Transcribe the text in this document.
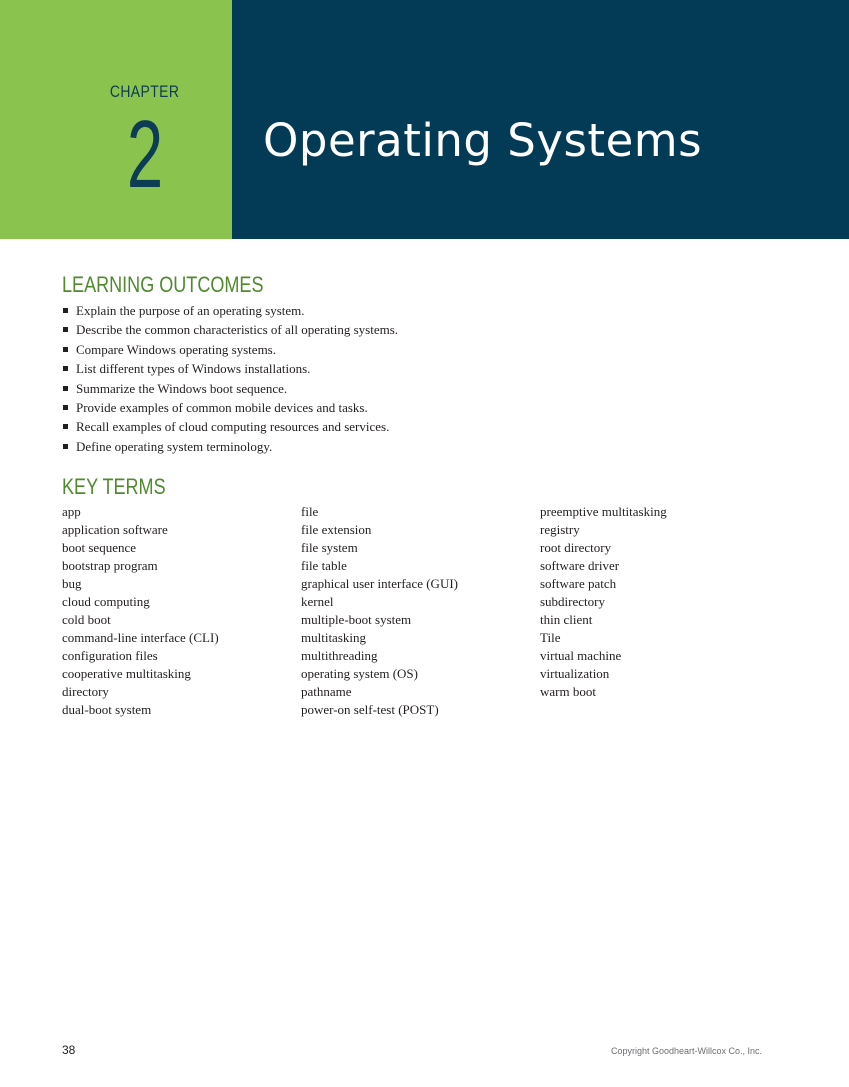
CHAPTER
2	Operating Systems
LEARNING OUTCOMES
Explain the purpose of an operating system.
Describe the common characteristics of all operating systems.
Compare Windows operating systems.
List different types of Windows installations.
Summarize the Windows boot sequence.
Provide examples of common mobile devices and tasks.
Recall examples of cloud computing resources and services.
Define operating system terminology.
KEY TERMS
app
application software
boot sequence
bootstrap program
bug
cloud computing
cold boot
command-line interface (CLI)
configuration files
cooperative multitasking
directory
dual-boot system
file
file extension
file system
file table
graphical user interface (GUI)
kernel
multiple-boot system
multitasking
multithreading
operating system (OS)
pathname
power-on self-test (POST)
preemptive multitasking
registry
root directory
software driver
software patch
subdirectory
thin client
Tile
virtual machine
virtualization
warm boot
38	Copyright Goodheart-Willcox Co., Inc.
